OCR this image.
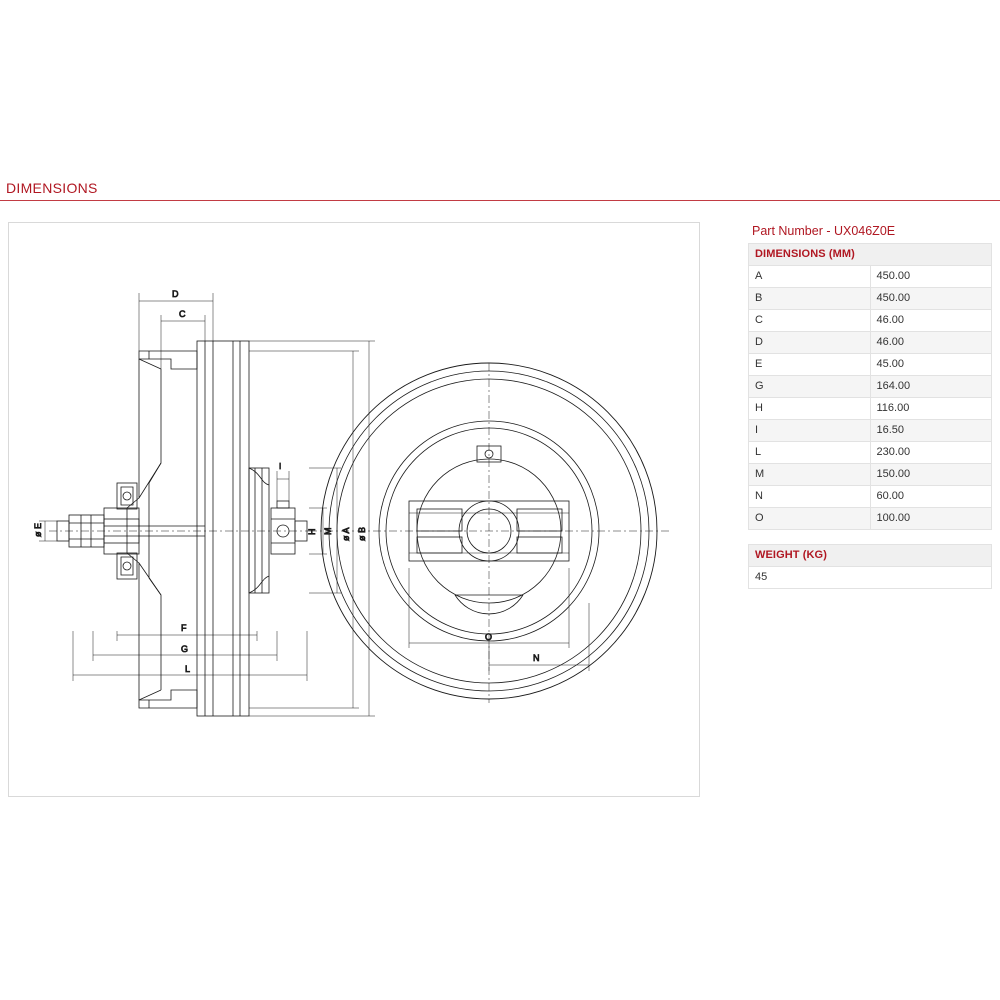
DIMENSIONS
D
C
F
G
L
I
H M ø A ø B
ø E
N
O
Part Number - UX046Z0E
DIMENSIONS (MM)	
A	450.00
B	450.00
C	46.00
D	46.00
E	45.00
G	164.00
H	116.00
I	16.50
L	230.00
M	150.00
N	60.00
O	100.00
WEIGHT (KG)
45
